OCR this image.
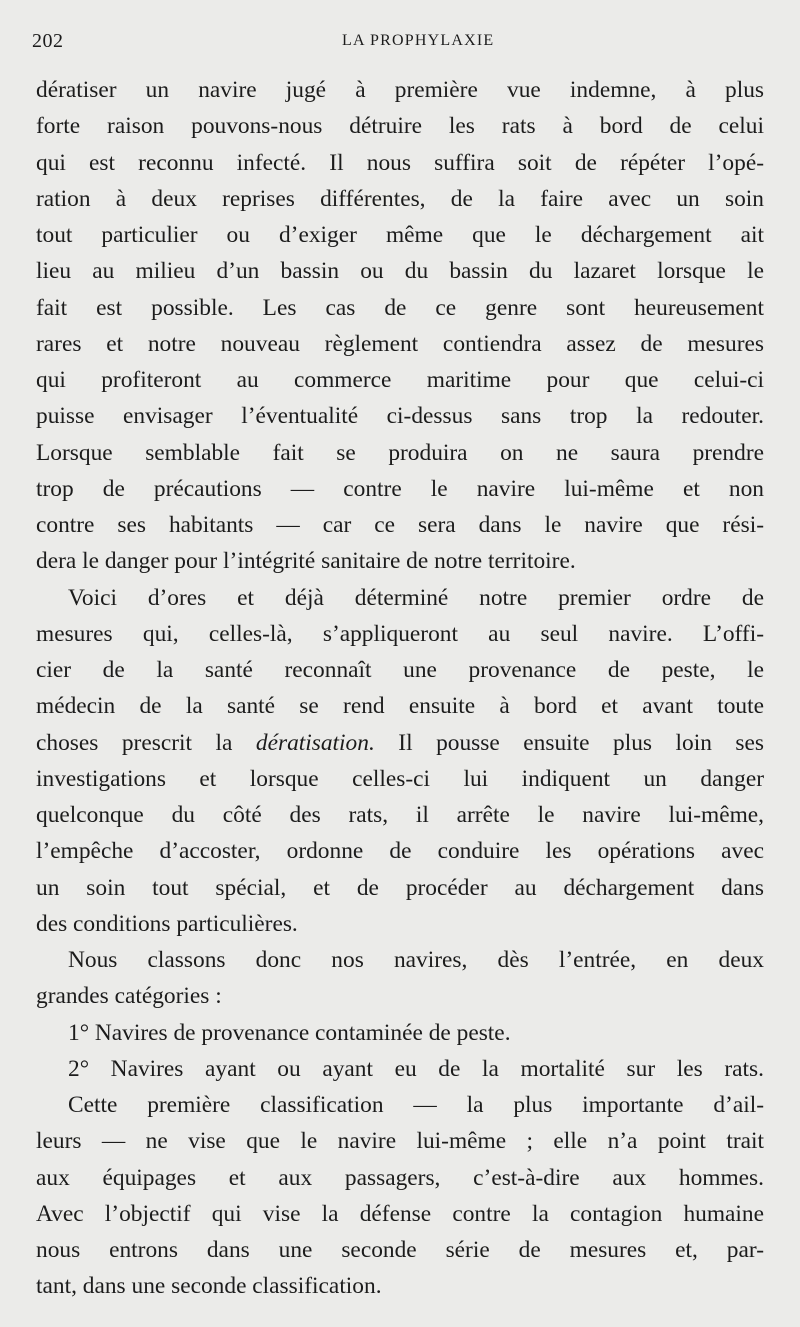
202	LA PROPHYLAXIE
dératiser un navire jugé à première vue indemne, à plus
forte raison pouvons-nous détruire les rats à bord de celui
qui est reconnu infecté. Il nous suffira soit de répéter l’opé-
ration à deux reprises différentes, de la faire avec un soin
tout particulier ou d’exiger même que le déchargement ait
lieu au milieu d’un bassin ou du bassin du lazaret lorsque le
fait est possible. Les cas de ce genre sont heureusement
rares et notre nouveau règlement contiendra assez de mesures
qui profiteront au commerce maritime pour que celui-ci
puisse envisager l’éventualité ci-dessus sans trop la redouter.
Lorsque semblable fait se produira on ne saura prendre
trop de précautions — contre le navire lui-même et non
contre ses habitants — car ce sera dans le navire que rési-
dera le danger pour l’intégrité sanitaire de notre territoire.
Voici d’ores et déjà déterminé notre premier ordre de
mesures qui, celles-là, s’appliqueront au seul navire. L’offi-
cier de la santé reconnaît une provenance de peste, le
médecin de la santé se rend ensuite à bord et avant toute
choses prescrit la dératisation. Il pousse ensuite plus loin ses
investigations et lorsque celles-ci lui indiquent un danger
quelconque du côté des rats, il arrête le navire lui-même,
l’empêche d’accoster, ordonne de conduire les opérations avec
un soin tout spécial, et de procéder au déchargement dans
des conditions particulières.
Nous classons donc nos navires, dès l’entrée, en deux
grandes catégories :
1° Navires de provenance contaminée de peste.
2° Navires ayant ou ayant eu de la mortalité sur les rats.
Cette première classification — la plus importante d’ail-
leurs — ne vise que le navire lui-même ; elle n’a point trait
aux équipages et aux passagers, c’est-à-dire aux hommes.
Avec l’objectif qui vise la défense contre la contagion humaine
nous entrons dans une seconde série de mesures et, par-
tant, dans une seconde classification.
